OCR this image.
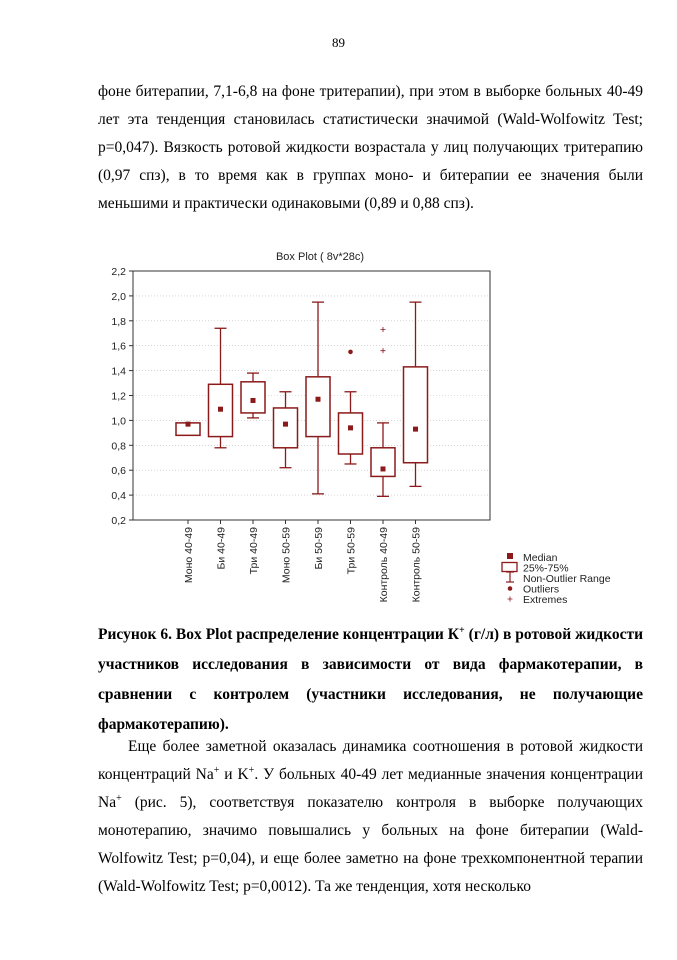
89

фоне битерапии, 7,1-6,8 на фоне тритерапии), при этом в выборке больных 40-49 лет эта тенденция становилась статистически значимой (Wald-Wolfowitz Test; p=0,047). Вязкость ротовой жидкости возрастала у лиц получающих тритерапию (0,97 спз), в то время как в группах моно- и битерапии ее значения были меньшими и практически одинаковыми (0,89 и 0,88 спз).

Box Plot ( 8v*28c)
0,2
0,4
0,6
0,8
1,0
1,2
1,4
1,6
1,8
2,0
2,2
Моно 40-49 Би 40-49 Три 40-49 Моно 50-59 Би 50-59 Три 50-59 Контроль 40-49 Контроль 50-59	Median
25%-75%
Non-Outlier Range
Outliers
Extremes

Рисунок 6. Box Plot распределение концентрации К+ (г/л) в ротовой жидкости участников исследования в зависимости от вида фармакотерапии, в сравнении с контролем (участники исследования, не получающие фармакотерапию).

Еще более заметной оказалась динамика соотношения в ротовой жидкости концентраций Na+ и K+. У больных 40-49 лет медианные значения концентрации Na+ (рис. 5), соответствуя показателю контроля в выборке получающих монотерапию, значимо повышались у больных на фоне битерапии (Wald-Wolfowitz Test; p=0,04), и еще более заметно на фоне трехкомпонентной терапии (Wald-Wolfowitz Test; p=0,0012). Та же тенденция, хотя несколько
